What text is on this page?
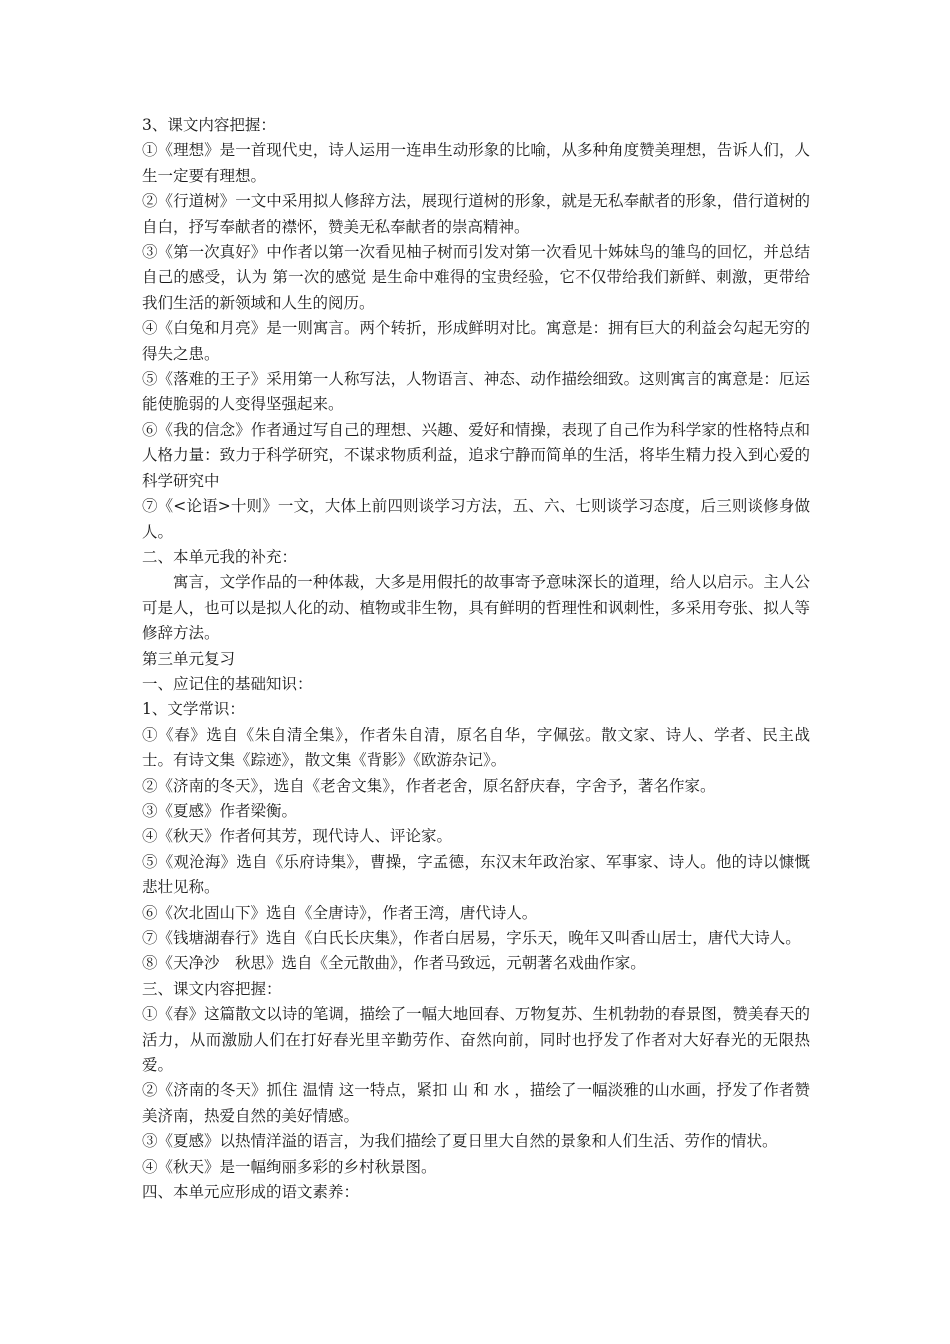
3、课文内容把握：

①《理想》是一首现代史，诗人运用一连串生动形象的比喻，从多种角度赞美理想，告诉人们，人生一定要有理想。

②《行道树》一文中采用拟人修辞方法，展现行道树的形象，就是无私奉献者的形象，借行道树的自白，抒写奉献者的襟怀，赞美无私奉献者的崇高精神。

③《第一次真好》中作者以第一次看见柚子树而引发对第一次看见十姊妹鸟的雏鸟的回忆，并总结自己的感受，认为 第一次的感觉 是生命中难得的宝贵经验，它不仅带给我们新鲜、刺激，更带给我们生活的新领域和人生的阅历。

④《白兔和月亮》是一则寓言。两个转折，形成鲜明对比。寓意是：拥有巨大的利益会勾起无穷的得失之患。

⑤《落难的王子》采用第一人称写法，人物语言、神态、动作描绘细致。这则寓言的寓意是：厄运能使脆弱的人变得坚强起来。

⑥《我的信念》作者通过写自己的理想、兴趣、爱好和情操，表现了自己作为科学家的性格特点和人格力量：致力于科学研究，不谋求物质利益，追求宁静而简单的生活，将毕生精力投入到心爱的科学研究中

⑦《<论语>十则》一文，大体上前四则谈学习方法，五、六、七则谈学习态度，后三则谈修身做人。

二、本单元我的补充：

寓言，文学作品的一种体裁，大多是用假托的故事寄予意味深长的道理，给人以启示。主人公可是人，也可以是拟人化的动、植物或非生物，具有鲜明的哲理性和讽刺性，多采用夸张、拟人等修辞方法。

第三单元复习

一、应记住的基础知识：

1、文学常识：

①《春》选自《朱自清全集》，作者朱自清，原名自华，字佩弦。散文家、诗人、学者、民主战士。有诗文集《踪迹》，散文集《背影》《欧游杂记》。

②《济南的冬天》，选自《老舍文集》，作者老舍，原名舒庆春，字舍予，著名作家。

③《夏感》作者梁衡。

④《秋天》作者何其芳，现代诗人、评论家。

⑤《观沧海》选自《乐府诗集》，曹操，字孟德，东汉末年政治家、军事家、诗人。他的诗以慷慨悲壮见称。

⑥《次北固山下》选自《全唐诗》，作者王湾，唐代诗人。

⑦《钱塘湖春行》选自《白氏长庆集》，作者白居易，字乐天，晚年又叫香山居士，唐代大诗人。

⑧《天净沙　秋思》选自《全元散曲》，作者马致远，元朝著名戏曲作家。

三、课文内容把握：

①《春》这篇散文以诗的笔调，描绘了一幅大地回春、万物复苏、生机勃勃的春景图，赞美春天的活力，从而激励人们在打好春光里辛勤劳作、奋然向前，同时也抒发了作者对大好春光的无限热爱。

②《济南的冬天》抓住 温情 这一特点，紧扣 山 和 水 ，描绘了一幅淡雅的山水画，抒发了作者赞美济南，热爱自然的美好情感。

③《夏感》以热情洋溢的语言，为我们描绘了夏日里大自然的景象和人们生活、劳作的情状。

④《秋天》是一幅绚丽多彩的乡村秋景图。

四、本单元应形成的语文素养：
